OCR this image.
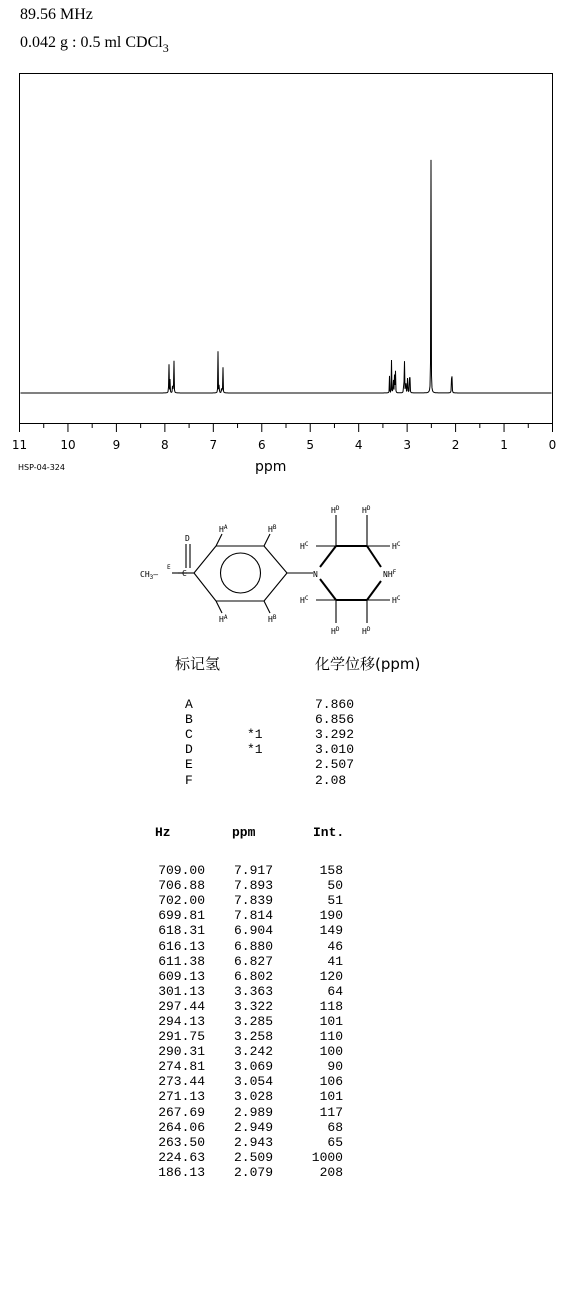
89.56 MHz
0.042 g : 0.5 ml CDCl$_3$
11	10	9	8	7	6	5	4	3	2	1	0
HSP-04-324	ppm
$CH_3—$
E
C
D
$H^A$	$H^B$
$H^A$	$H^B$
N	$NH^F$
$H^D$	$H^D$
$H^C$	$H^C$
$H^C$	$H^C$
$H^D$	$H^D$
标记氢	化学位移(ppm)
A		7.860
B		6.856
C	*1	3.292
D	*1	3.010
E		2.507
F		2.08
Hz	ppm	Int.
709.00	7.917	158
706.88	7.893	50
702.00	7.839	51
699.81	7.814	190
618.31	6.904	149
616.13	6.880	46
611.38	6.827	41
609.13	6.802	120
301.13	3.363	64
297.44	3.322	118
294.13	3.285	101
291.75	3.258	110
290.31	3.242	100
274.81	3.069	90
273.44	3.054	106
271.13	3.028	101
267.69	2.989	117
264.06	2.949	68
263.50	2.943	65
224.63	2.509	1000
186.13	2.079	208
